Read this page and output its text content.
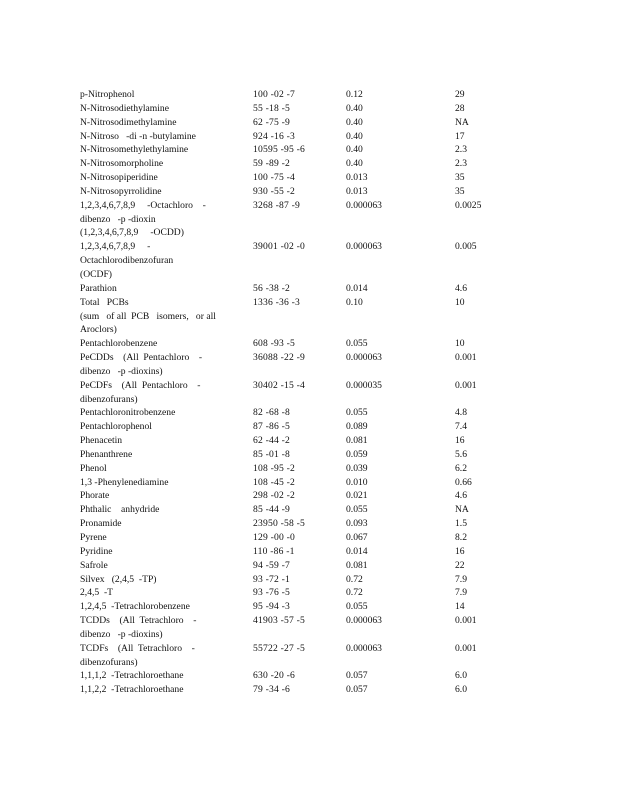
p-Nitrophenol	100 -02 -7	0.12	29

N-Nitrosodiethylamine	55 -18 -5	0.40	28

N-Nitrosodimethylamine	62 -75 -9	0.40	NA

N-Nitroso   -di -n -butylamine	924 -16 -3	0.40	17

N-Nitrosomethylethylamine	10595 -95 -6	0.40	2.3

N-Nitrosomorpholine	59 -89 -2	0.40	2.3

N-Nitrosopiperidine	100 -75 -4	0.013	35

N-Nitrosopyrrolidine	930 -55 -2	0.013	35

1,2,3,4,6,7,8,9     -Octachloro    -
dibenzo   -p -dioxin
(1,2,3,4,6,7,8,9     -OCDD)	3268 -87 -9	0.000063	0.0025

1,2,3,4,6,7,8,9     -
Octachlorodibenzofuran
(OCDF)	39001 -02 -0	0.000063	0.005

Parathion	56 -38 -2	0.014	4.6

Total   PCBs
(sum   of all  PCB   isomers,   or all
Aroclors)	1336 -36 -3	0.10	10

Pentachlorobenzene	608 -93 -5	0.055	10

PeCDDs    (All  Pentachloro    -
dibenzo   -p -dioxins)	36088 -22 -9	0.000063	0.001

PeCDFs    (All  Pentachloro    -
dibenzofurans)	30402 -15 -4	0.000035	0.001

Pentachloronitrobenzene	82 -68 -8	0.055	4.8

Pentachlorophenol	87 -86 -5	0.089	7.4

Phenacetin	62 -44 -2	0.081	16

Phenanthrene	85 -01 -8	0.059	5.6

Phenol	108 -95 -2	0.039	6.2

1,3 -Phenylenediamine	108 -45 -2	0.010	0.66

Phorate	298 -02 -2	0.021	4.6

Phthalic    anhydride	85 -44 -9	0.055	NA

Pronamide	23950 -58 -5	0.093	1.5

Pyrene	129 -00 -0	0.067	8.2

Pyridine	110 -86 -1	0.014	16

Safrole	94 -59 -7	0.081	22

Silvex   (2,4,5  -TP)	93 -72 -1	0.72	7.9

2,4,5  -T	93 -76 -5	0.72	7.9

1,2,4,5  -Tetrachlorobenzene	95 -94 -3	0.055	14

TCDDs    (All  Tetrachloro    -
dibenzo   -p -dioxins)	41903 -57 -5	0.000063	0.001

TCDFs    (All  Tetrachloro    -
dibenzofurans)	55722 -27 -5	0.000063	0.001

1,1,1,2  -Tetrachloroethane	630 -20 -6	0.057	6.0

1,1,2,2  -Tetrachloroethane	79 -34 -6	0.057	6.0
